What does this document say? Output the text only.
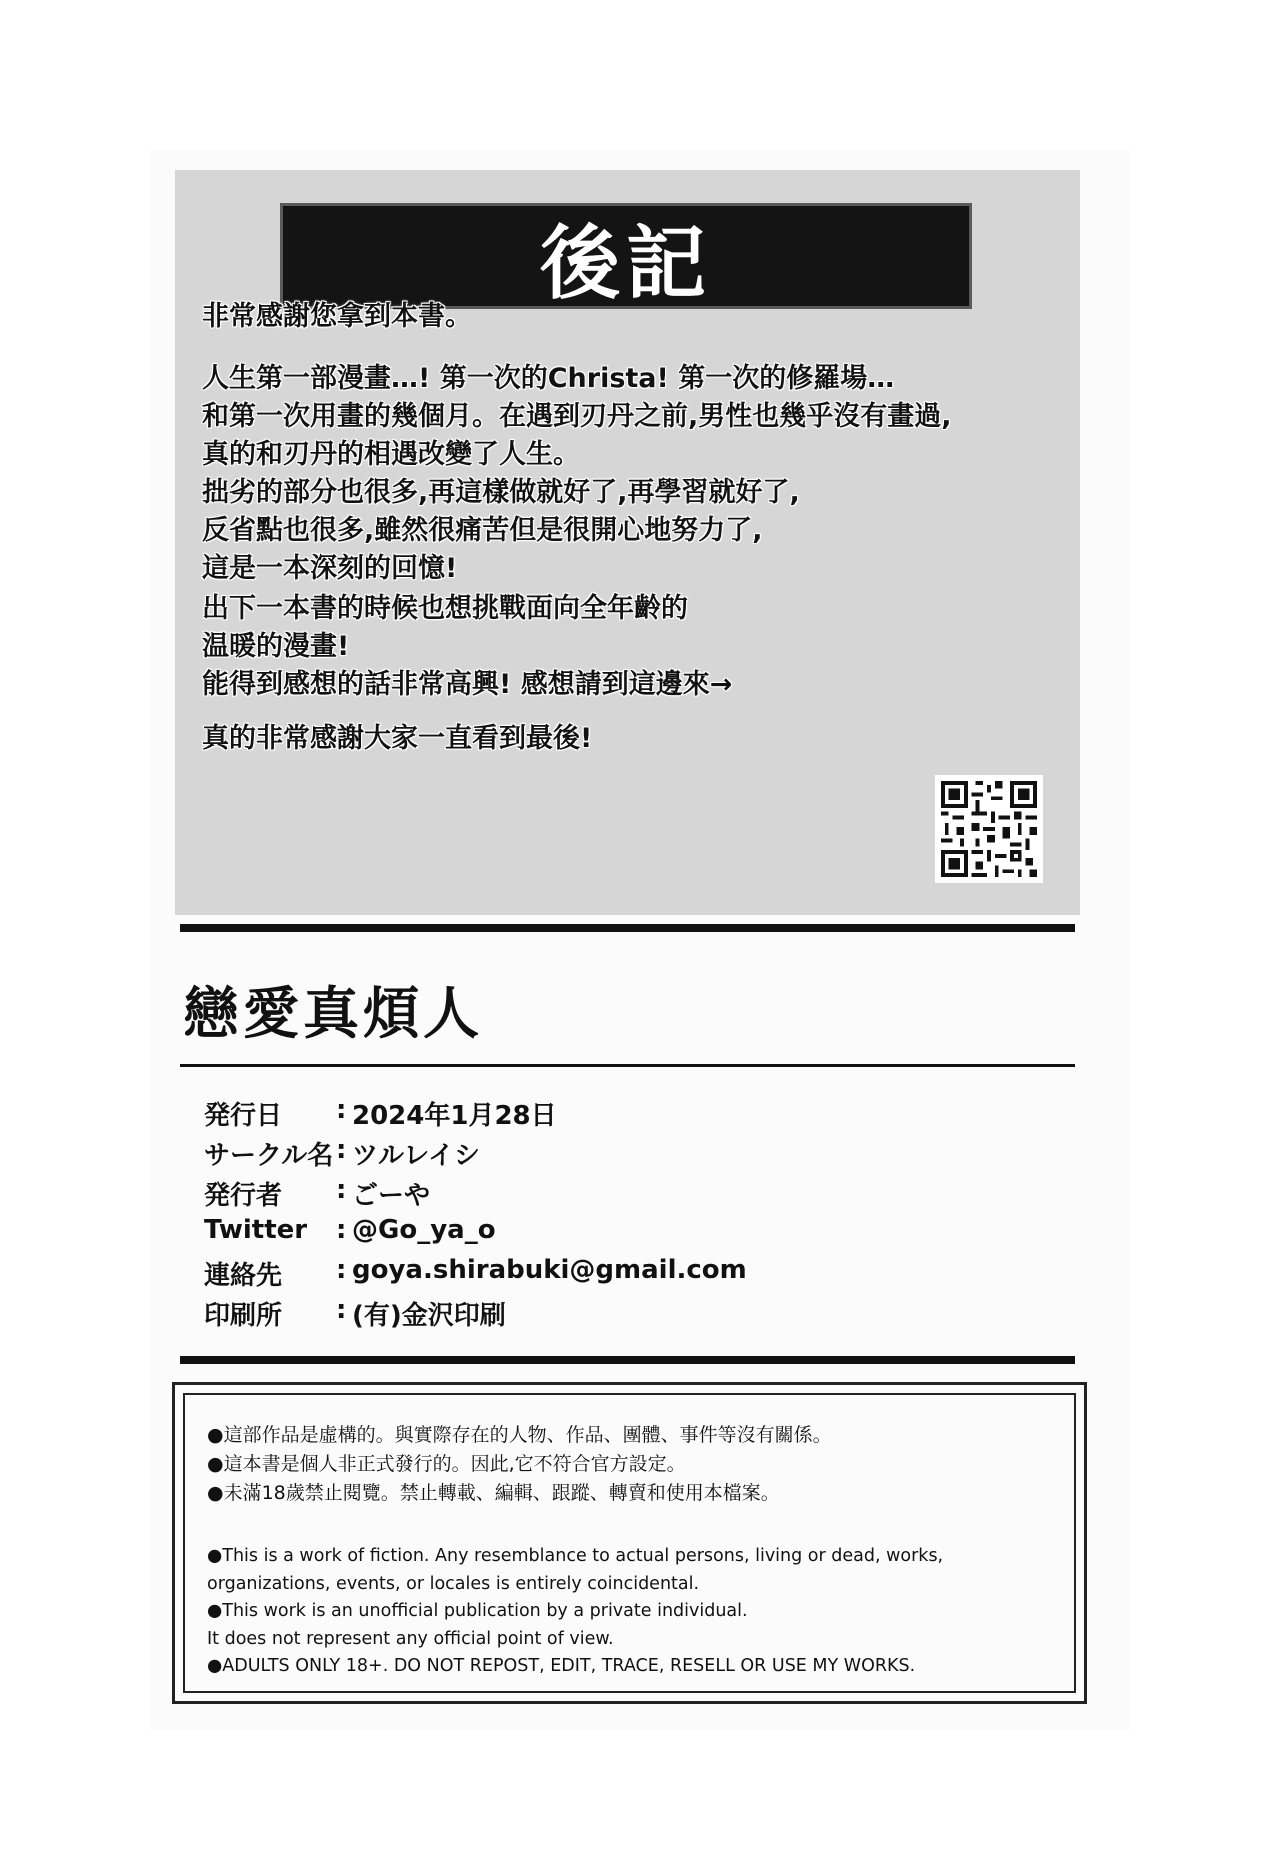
後記
非常感謝您拿到本書。
人生第一部漫畫…! 第一次的Christa! 第一次的修羅場…
和第一次用畫的幾個月。在遇到刃丹之前,男性也幾乎沒有畫過,
真的和刃丹的相遇改變了人生。
拙劣的部分也很多,再這樣做就好了,再學習就好了,
反省點也很多,雖然很痛苦但是很開心地努力了,
這是一本深刻的回憶!
出下一本書的時候也想挑戰面向全年齡的
温暖的漫畫!
能得到感想的話非常高興! 感想請到這邊來→
真的非常感謝大家一直看到最後!
戀愛真煩人
発行日 : 2024年1月28日
サークル名 : ツルレイシ
発行者 : ごーや
Twitter : @Go_ya_o
連絡先 : goya.shirabuki@gmail.com
印刷所 : (有)金沢印刷
●這部作品是虛構的。與實際存在的人物、作品、團體、事件等沒有關係。
●這本書是個人非正式發行的。因此,它不符合官方設定。
●未滿18歲禁止閱覽。禁止轉載、編輯、跟蹤、轉賣和使用本檔案。
●This is a work of fiction. Any resemblance to actual persons, living or dead, works,
organizations, events, or locales is entirely coincidental.
●This work is an unofficial publication by a private individual.
It does not represent any official point of view.
●ADULTS ONLY 18+. DO NOT REPOST, EDIT, TRACE, RESELL OR USE MY WORKS.
